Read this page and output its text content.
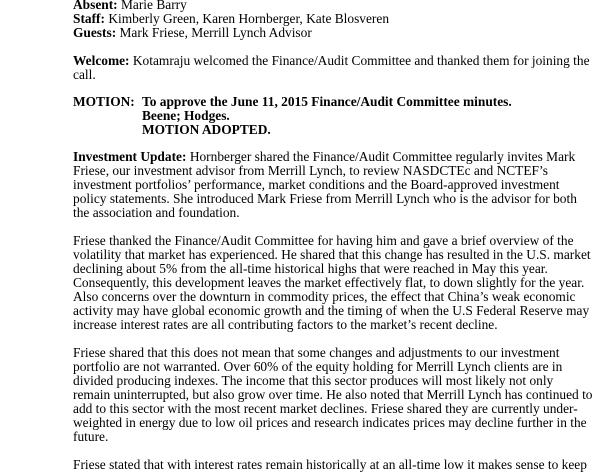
Absent: Marie Barry
Staff: Kimberly Green, Karen Hornberger, Kate Blosveren
Guests: Mark Friese, Merrill Lynch Advisor
Welcome: Kotamraju welcomed the Finance/Audit Committee and thanked them for joining the
call.
MOTION: To approve the June 11, 2015 Finance/Audit Committee minutes.
Beene; Hodges.
MOTION ADOPTED.
Investment Update: Hornberger shared the Finance/Audit Committee regularly invites Mark
Friese, our investment advisor from Merrill Lynch, to review NASDCTEc and NCTEF’s
investment portfolios’ performance, market conditions and the Board-approved investment
policy statements. She introduced Mark Friese from Merrill Lynch who is the advisor for both
the association and foundation.
Friese thanked the Finance/Audit Committee for having him and gave a brief overview of the
volatility that market has experienced. He shared that this change has resulted in the U.S. market
declining about 5% from the all-time historical highs that were reached in May this year.
Consequently, this development leaves the market effectively flat, to down slightly for the year.
Also concerns over the downturn in commodity prices, the effect that China’s weak economic
activity may have global economic growth and the timing of when the U.S Federal Reserve may
increase interest rates are all contributing factors to the market’s recent decline.
Friese shared that this does not mean that some changes and adjustments to our investment
portfolio are not warranted. Over 60% of the equity holding for Merrill Lynch clients are in
divided producing indexes. The income that this sector produces will most likely not only
remain uninterrupted, but also grow over time. He also noted that Merrill Lynch has continued to
add to this sector with the most recent market declines. Friese shared they are currently under-
weighted in energy due to low oil prices and research indicates prices may decline further in the
future.
Friese stated that with interest rates remain historically at an all-time low it makes sense to keep
